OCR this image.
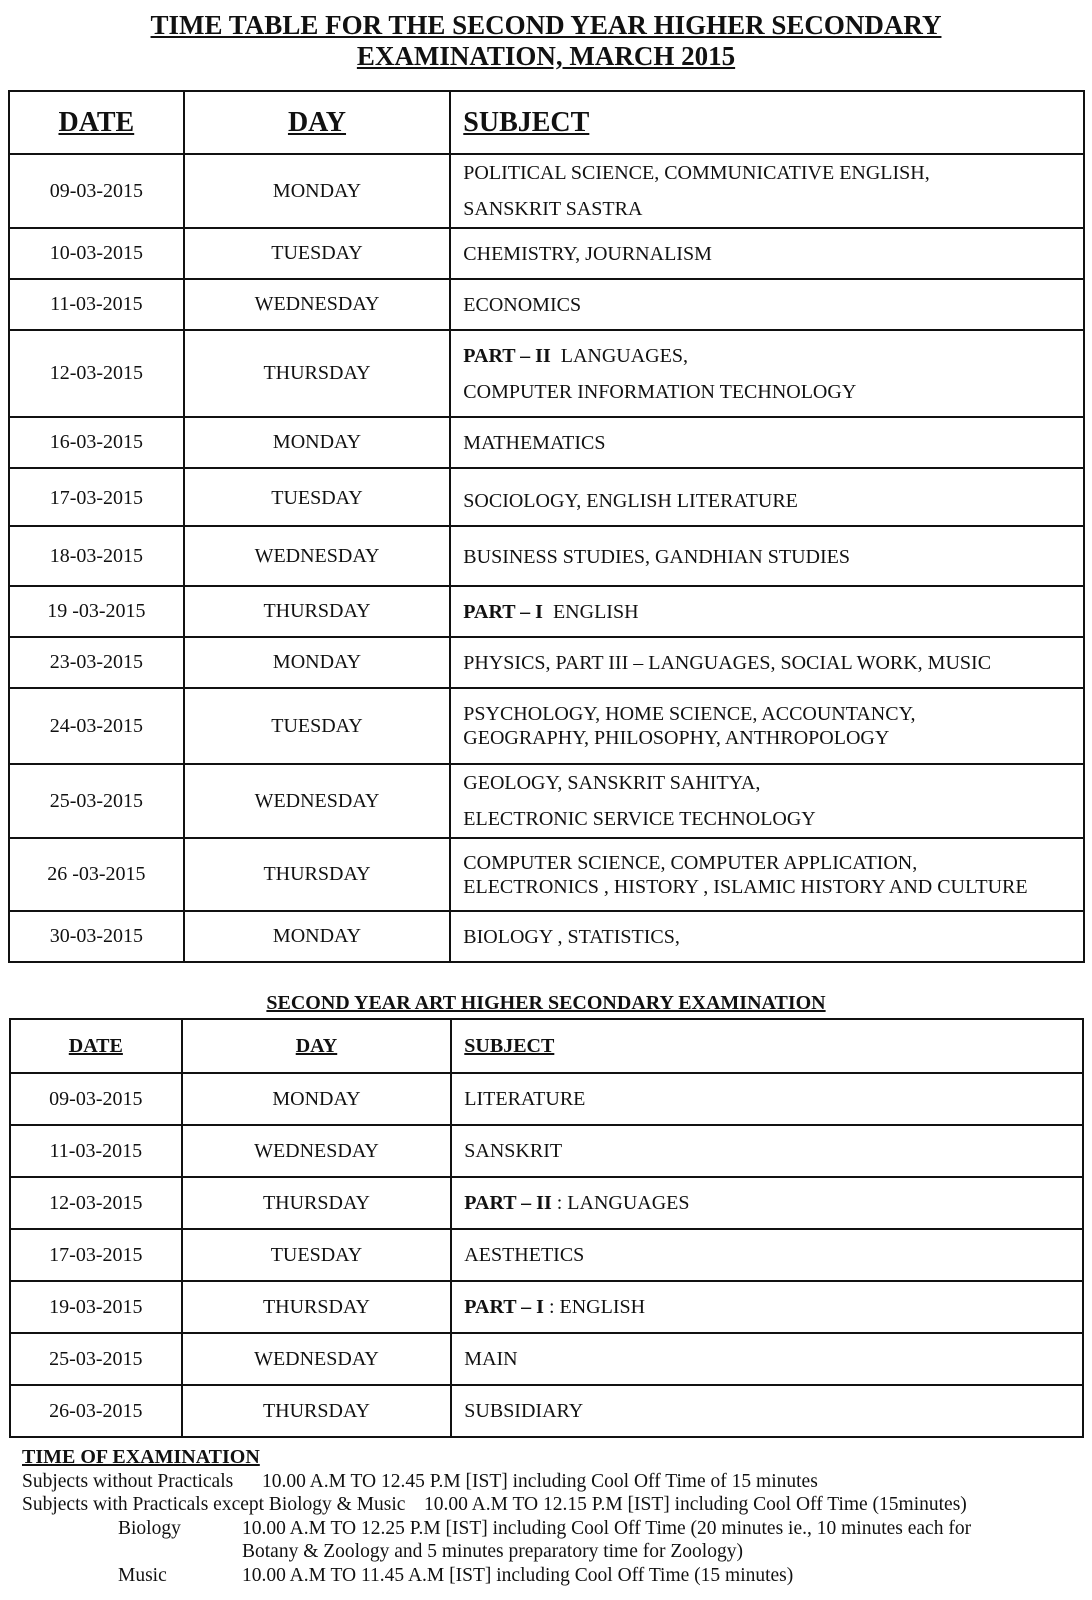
TIME TABLE FOR THE SECOND YEAR HIGHER SECONDARY
EXAMINATION, MARCH 2015
DATE	DAY	SUBJECT
09-03-2015	MONDAY	POLITICAL SCIENCE, COMMUNICATIVE ENGLISH,
SANSKRIT SASTRA
10-03-2015	TUESDAY	CHEMISTRY, JOURNALISM
11-03-2015	WEDNESDAY	ECONOMICS
12-03-2015	THURSDAY	PART – II  LANGUAGES,
COMPUTER INFORMATION TECHNOLOGY
16-03-2015	MONDAY	MATHEMATICS
17-03-2015	TUESDAY	SOCIOLOGY, ENGLISH LITERATURE
18-03-2015	WEDNESDAY	BUSINESS STUDIES, GANDHIAN STUDIES
19 -03-2015	THURSDAY	PART – I  ENGLISH
23-03-2015	MONDAY	PHYSICS, PART III – LANGUAGES, SOCIAL WORK, MUSIC
24-03-2015	TUESDAY	PSYCHOLOGY, HOME SCIENCE, ACCOUNTANCY,
GEOGRAPHY, PHILOSOPHY, ANTHROPOLOGY
25-03-2015	WEDNESDAY	GEOLOGY, SANSKRIT SAHITYA,
ELECTRONIC SERVICE TECHNOLOGY
26 -03-2015	THURSDAY	COMPUTER SCIENCE, COMPUTER APPLICATION,
ELECTRONICS , HISTORY , ISLAMIC HISTORY AND CULTURE
30-03-2015	MONDAY	BIOLOGY , STATISTICS,
SECOND YEAR ART HIGHER SECONDARY EXAMINATION
DATE	DAY	SUBJECT
09-03-2015	MONDAY	LITERATURE
11-03-2015	WEDNESDAY	SANSKRIT
12-03-2015	THURSDAY	PART – II : LANGUAGES
17-03-2015	TUESDAY	AESTHETICS
19-03-2015	THURSDAY	PART – I : ENGLISH
25-03-2015	WEDNESDAY	MAIN
26-03-2015	THURSDAY	SUBSIDIARY
TIME OF EXAMINATION
Subjects without Practicals 10.00 A.M TO 12.45 P.M [IST] including Cool Off Time of 15 minutes
Subjects with Practicals except Biology & Music 10.00 A.M TO 12.15 P.M [IST] including Cool Off Time (15minutes)
Biology	10.00 A.M TO 12.25 P.M [IST] including Cool Off Time (20 minutes ie., 10 minutes each for
Botany & Zoology and 5 minutes preparatory time for Zoology)
Music	10.00 A.M TO 11.45 A.M [IST] including Cool Off Time (15 minutes)
